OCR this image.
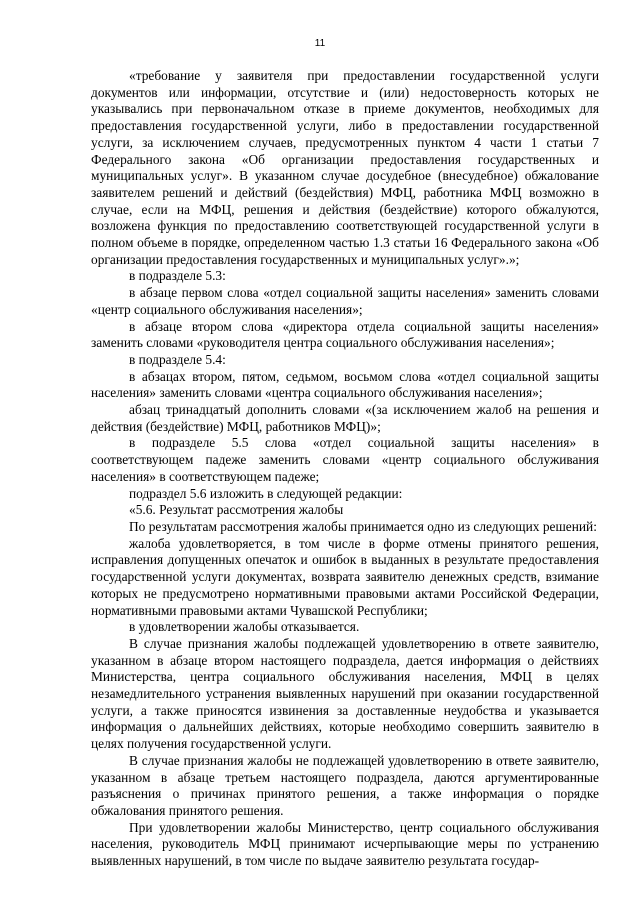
11

«требование у заявителя при предоставлении государственной услуги документов или информации, отсутствие и (или) недостоверность которых не указывались при первоначальном отказе в приеме документов, необходимых для предоставления государственной услуги, либо в предоставлении государственной услуги, за исключением случаев, предусмотренных пунктом 4 части 1 статьи 7 Федерального закона «Об организации предоставления государственных и муниципальных услуг». В указанном случае досудебное (внесудебное) обжалование заявителем решений и действий (бездействия) МФЦ, работника МФЦ возможно в случае, если на МФЦ, решения и действия (бездействие) которого обжалуются, возложена функция по предоставлению соответствующей государственной услуги в полном объеме в порядке, определенном частью 1.3 статьи 16 Федерального закона «Об организации предоставления государственных и муниципальных услуг».»;

в подразделе 5.3:

в абзаце первом слова «отдел социальной защиты населения» заменить словами «центр социального обслуживания населения»;

в абзаце втором слова «директора отдела социальной защиты населения» заменить словами «руководителя центра социального обслуживания населения»;

в подразделе 5.4:

в абзацах втором, пятом, седьмом, восьмом слова «отдел социальной защиты населения» заменить словами «центра социального обслуживания населения»;

абзац тринадцатый дополнить словами «(за исключением жалоб на решения и действия (бездействие) МФЦ, работников МФЦ)»;

в подразделе 5.5 слова «отдел социальной защиты населения» в соответствующем падеже заменить словами «центр социального обслуживания населения» в соответствующем падеже;

подраздел 5.6 изложить в следующей редакции:

«5.6. Результат рассмотрения жалобы

По результатам рассмотрения жалобы принимается одно из следующих решений:

жалоба удовлетворяется, в том числе в форме отмены принятого решения, исправления допущенных опечаток и ошибок в выданных в результате предоставления государственной услуги документах, возврата заявителю денежных средств, взимание которых не предусмотрено нормативными правовыми актами Российской Федерации, нормативными правовыми актами Чувашской Республики;

в удовлетворении жалобы отказывается.

В случае признания жалобы подлежащей удовлетворению в ответе заявителю, указанном в абзаце втором настоящего подраздела, дается информация о действиях Министерства, центра социального обслуживания населения, МФЦ в целях незамедлительного устранения выявленных нарушений при оказании государственной услуги, а также приносятся извинения за доставленные неудобства и указывается информация о дальнейших действиях, которые необходимо совершить заявителю в целях получения государственной услуги.

В случае признания жалобы не подлежащей удовлетворению в ответе заявителю, указанном в абзаце третьем настоящего подраздела, даются аргументированные разъяснения о причинах принятого решения, а также информация о порядке обжалования принятого решения.

При удовлетворении жалобы Министерство, центр социального обслуживания населения, руководитель МФЦ принимают исчерпывающие меры по устранению выявленных нарушений, в том числе по выдаче заявителю результата государ-
